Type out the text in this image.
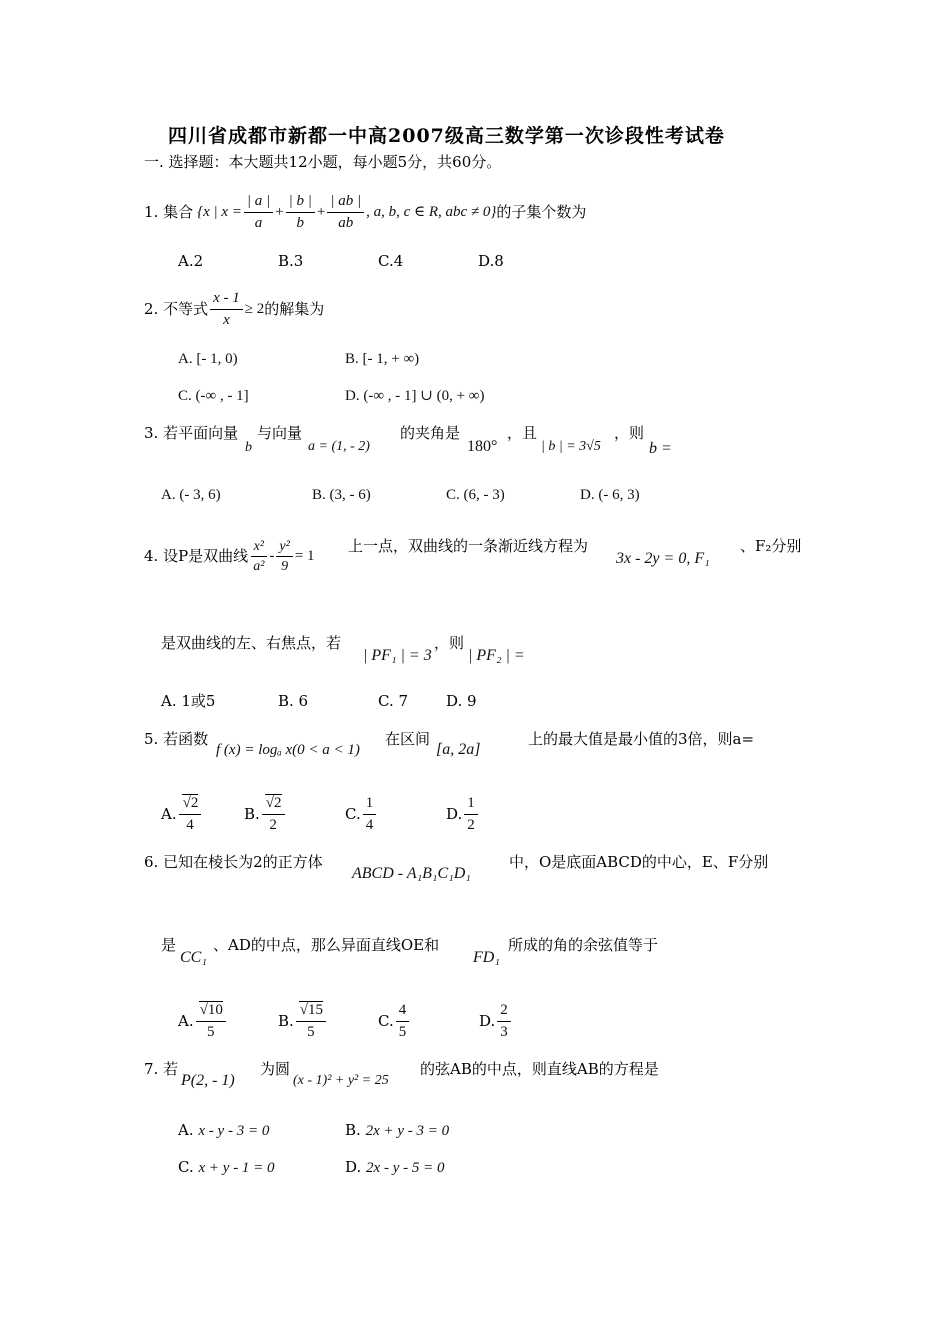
四川省成都市新都一中高2007级高三数学第一次诊段性考试卷
一. 选择题：本大题共12小题，每小题5分，共60分。
1. 集合 {x | $x = \frac{| a |}{a} + \frac{| b |}{b} + \frac{| ab |}{ab}$ , a, b, c ∈ R, abc ≠ 0} 的子集个数为
A.2	B.3	C.4	D.8
2. 不等式 $\frac{x - 1}{x} \ge 2$ 的解集为
A. [- 1, 0)	B. [- 1, + ∞)
C. (-∞ , - 1]	D. (-∞ , - 1] ∪ (0, + ∞)
3. 若平面向量
b
与向量
a = (1, - 2)
的夹角是
180°
，且
| b | = 3√5
，则
b =
A. (- 3, 6)	B. (3, - 6)	C. (6, - 3)	D. (- 6, 3)
4. 设P是双曲线 $\frac{\text{x²}}{\text{a²}} - \frac{\text{y²}}{9} = 1$
上一点，双曲线的一条渐近线方程为
3x - 2y = 0, F₁
、F₂分别
是双曲线的左、右焦点，若
| PF₁ | = 3
，则
| PF₂ | =
A. 1或5	B. 6	C. 7	D. 9
5. 若函数
f (x) = logₐ x(0 < a < 1)
在区间
[a, 2a]
上的最大值是最小值的3倍，则a=
A. $\frac{√2}{4}$	B. $\frac{√2}{2}$	C. $\frac{1}{4}$	D. $\frac{1}{2}$
6. 已知在棱长为2的正方体
ABCD - A₁B₁C₁D₁
中，O是底面ABCD的中心，E、F分别
是
CC₁
、AD的中点，那么异面直线OE和
FD₁
所成的角的余弦值等于
A. $\frac{√10}{5}$	B. $\frac{√15}{5}$	C. $\frac{4}{5}$	D. $\frac{2}{3}$
7. 若
P(2, - 1)
为圆
(x - 1)² + y² = 25
的弦AB的中点，则直线AB的方程是
A. x - y - 3 = 0	B. 2x + y - 3 = 0
C. x + y - 1 = 0	D. 2x - y - 5 = 0
